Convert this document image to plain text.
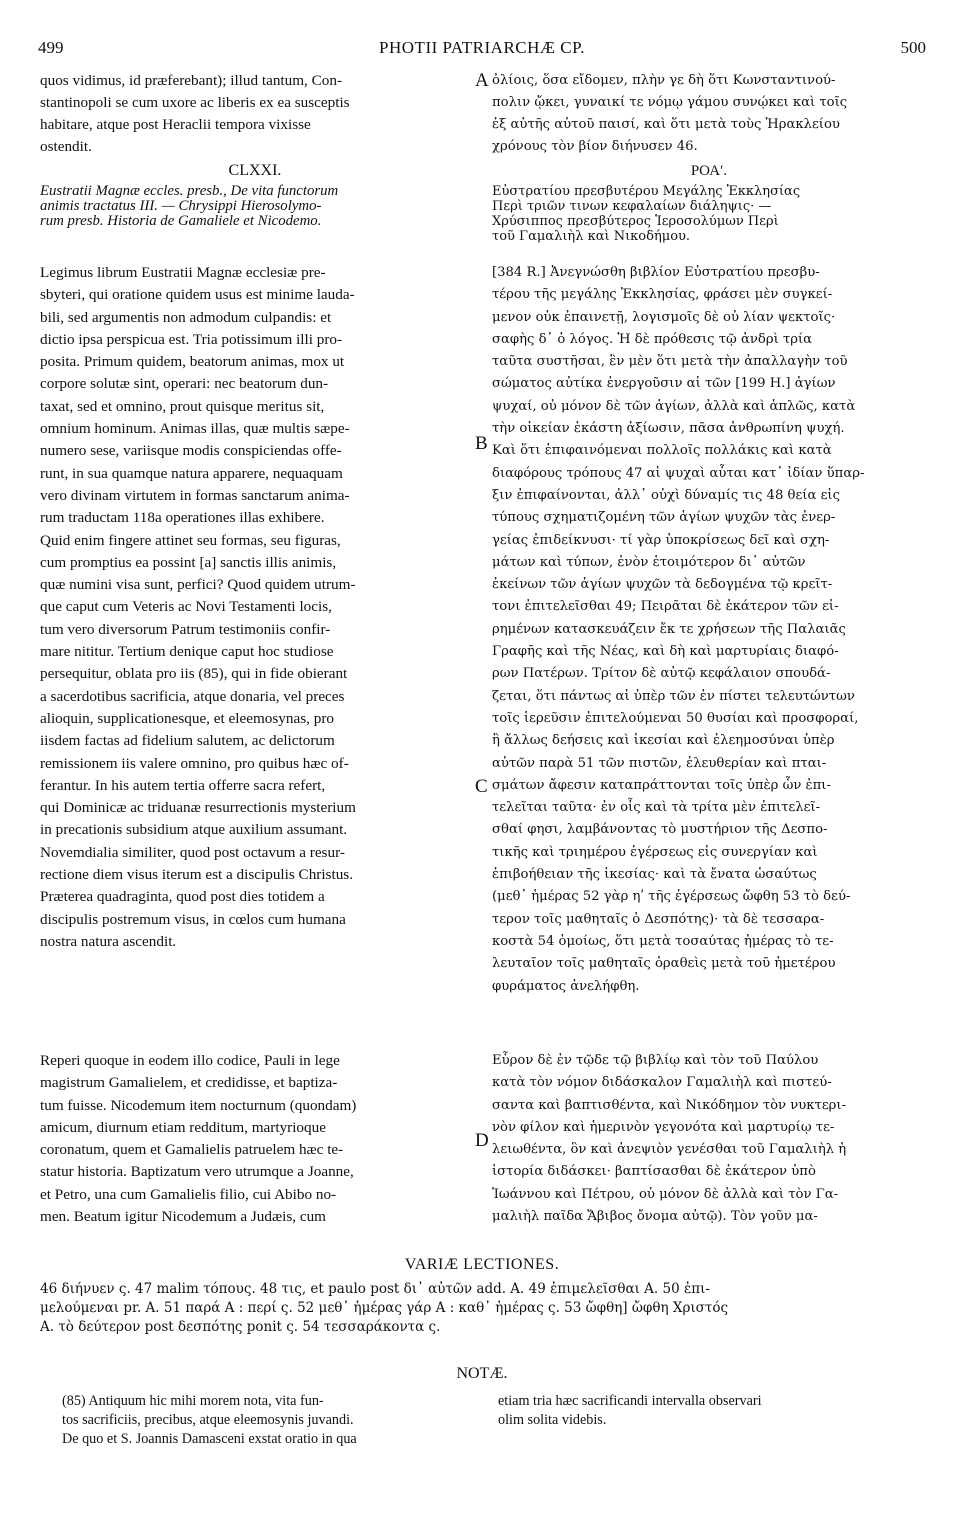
499	PHOTII PATRIARCHÆ CP.	500
A
B
C
D
quos vidimus, id præferebant); illud tantum, Con-
stantinopoli se cum uxore ac liberis ex ea susceptis
habitare, atque post Heraclii tempora vixisse
ostendit.
CLXXI.
Eustratii Magnæ eccles. presb., De vita functorum
animis tractatus III. — Chrysippi Hierosolymo-
rum presb. Historia de Gamaliele et Nicodemo.
Legimus librum Eustratii Magnæ ecclesiæ pre-
sbyteri, qui oratione quidem usus est minime lauda-
bili, sed argumentis non admodum culpandis: et
dictio ipsa perspicua est. Tria potissimum illi pro-
posita. Primum quidem, beatorum animas, mox ut
corpore solutæ sint, operari: nec beatorum dun-
taxat, sed et omnino, prout quisque meritus sit,
omnium hominum. Animas illas, quæ multis sæpe-
numero sese, variisque modis conspiciendas offe-
runt, in sua quamque natura apparere, nequaquam
vero divinam virtutem in formas sanctarum anima-
rum traductam 118a operationes illas exhibere.
Quid enim fingere attinet seu formas, seu figuras,
cum promptius ea possint [a] sanctis illis animis,
quæ numini visa sunt, perfici? Quod quidem utrum-
que caput cum Veteris ac Novi Testamenti locis,
tum vero diversorum Patrum testimoniis confir-
mare nititur. Tertium denique caput hoc studiose
persequitur, oblata pro iis (85), qui in fide obierant
a sacerdotibus sacrificia, atque donaria, vel preces
alioquin, supplicationesque, et eleemosynas, pro
iisdem factas ad fidelium salutem, ac delictorum
remissionem iis valere omnino, pro quibus hæc of-
ferantur. In his autem tertia offerre sacra refert,
qui Dominicæ ac triduanæ resurrectionis mysterium
in precationis subsidium atque auxilium assumant.
Novemdialia similiter, quod post octavum a resur-
rectione diem visus iterum est a discipulis Christus.
Præterea quadraginta, quod post dies totidem a
discipulis postremum visus, in cœlos cum humana
nostra natura ascendit.
Reperi quoque in eodem illo codice, Pauli in lege
magistrum Gamalielem, et credidisse, et baptiza-
tum fuisse. Nicodemum item nocturnum (quondam)
amicum, diurnum etiam redditum, martyrioque
coronatum, quem et Gamalielis patruelem hæc te-
statur historia. Baptizatum vero utrumque a Joanne,
et Petro, una cum Gamalielis filio, cui Abibo no-
men. Beatum igitur Nicodemum a Judæis, cum
ὀλίοις, ὅσα εἴδομεν, πλὴν γε δὴ ὅτι Κωνσταντινού-
πολιν ᾤκει, γυναικί τε νόμῳ γάμου συνῴκει καὶ τοῖς
ἐξ αὐτῆς αὐτοῦ παισί, καὶ ὅτι μετὰ τοὺς Ἡρακλείου
χρόνους τὸν βίον διήνυσεν 46.
ΡΟΑʹ.
Εὐστρατίου πρεσβυτέρου Μεγάλης Ἐκκλησίας
Περὶ τριῶν τινων κεφαλαίων διάληψις· —
Χρύσιππος πρεσβύτερος Ἱεροσολύμων Περὶ
τοῦ Γαμαλιὴλ καὶ Νικοδήμου.
[384 R.] Ἀνεγνώσθη βιβλίον Εὐστρατίου πρεσβυ-
τέρου τῆς μεγάλης Ἐκκλησίας, φράσει μὲν συγκεί-
μενον οὐκ ἐπαινετῇ, λογισμοῖς δὲ οὐ λίαν ψεκτοῖς·
σαφὴς δ᾽ ὁ λόγος. Ἡ δὲ πρόθεσις τῷ ἀνδρὶ τρία
ταῦτα συστῆσαι, ἓν μὲν ὅτι μετὰ τὴν ἀπαλλαγὴν τοῦ
σώματος αὐτίκα ἐνεργοῦσιν αἱ τῶν [199 H.] ἁγίων
ψυχαί, οὐ μόνον δὲ τῶν ἁγίων, ἀλλὰ καὶ ἁπλῶς, κατὰ
τὴν οἰκείαν ἑκάστη ἀξίωσιν, πᾶσα ἀνθρωπίνη ψυχή.
Καὶ ὅτι ἐπιφαινόμεναι πολλοῖς πολλάκις καὶ κατὰ
διαφόρους τρόπους 47 αἱ ψυχαὶ αὗται κατ᾽ ἰδίαν ὕπαρ-
ξιν ἐπιφαίνονται, ἀλλ᾽ οὐχὶ δύναμίς τις 48 θεία εἰς
τύπους σχηματιζομένη τῶν ἁγίων ψυχῶν τὰς ἐνερ-
γείας ἐπιδείκνυσι· τί γὰρ ὑποκρίσεως δεῖ καὶ σχη-
μάτων καὶ τύπων, ἐνὸν ἑτοιμότερον δι᾽ αὐτῶν
ἐκείνων τῶν ἁγίων ψυχῶν τὰ δεδογμένα τῷ κρεῖτ-
τονι ἐπιτελεῖσθαι 49; Πειρᾶται δὲ ἑκάτερον τῶν εἰ-
ρημένων κατασκευάζειν ἔκ τε χρήσεων τῆς Παλαιᾶς
Γραφῆς καὶ τῆς Νέας, καὶ δὴ καὶ μαρτυρίαις διαφό-
ρων Πατέρων. Τρίτον δὲ αὐτῷ κεφάλαιον σπουδά-
ζεται, ὅτι πάντως αἱ ὑπὲρ τῶν ἐν πίστει τελευτώντων
τοῖς ἱερεῦσιν ἐπιτελούμεναι 50 θυσίαι καὶ προσφοραί,
ἢ ἄλλως δεήσεις καὶ ἱκεσίαι καὶ ἐλεημοσύναι ὑπὲρ
αὐτῶν παρὰ 51 τῶν πιστῶν, ἐλευθερίαν καὶ πται-
σμάτων ἄφεσιν καταπράττονται τοῖς ὑπὲρ ὧν ἐπι-
τελεῖται ταῦτα· ἐν οἷς καὶ τὰ τρίτα μὲν ἐπιτελεῖ-
σθαί φησι, λαμβάνοντας τὸ μυστήριον τῆς Δεσπο-
τικῆς καὶ τριημέρου ἐγέρσεως εἰς συνεργίαν καὶ
ἐπιβοήθειαν τῆς ἱκεσίας· καὶ τὰ ἔνατα ὡσαύτως
(μεθ᾽ ἡμέρας 52 γὰρ ηʹ τῆς ἐγέρσεως ὤφθη 53 τὸ δεύ-
τερον τοῖς μαθηταῖς ὁ Δεσπότης)· τὰ δὲ τεσσαρα-
κοστὰ 54 ὁμοίως, ὅτι μετὰ τοσαύτας ἡμέρας τὸ τε-
λευταῖον τοῖς μαθηταῖς ὁραθεὶς μετὰ τοῦ ἡμετέρου
φυράματος ἀνελήφθη.
Εὗρον δὲ ἐν τῷδε τῷ βιβλίῳ καὶ τὸν τοῦ Παύλου
κατὰ τὸν νόμον διδάσκαλον Γαμαλιὴλ καὶ πιστεύ-
σαντα καὶ βαπτισθέντα, καὶ Νικόδημον τὸν νυκτερι-
νὸν φίλον καὶ ἡμερινὸν γεγονότα καὶ μαρτυρίῳ τε-
λειωθέντα, ὃν καὶ ἀνεψιὸν γενέσθαι τοῦ Γαμαλιὴλ ἡ
ἱστορία διδάσκει· βαπτίσασθαι δὲ ἑκάτερον ὑπὸ
Ἰωάννου καὶ Πέτρου, οὐ μόνον δὲ ἀλλὰ καὶ τὸν Γα-
μαλιὴλ παῖδα Ἄβιβος ὄνομα αὐτῷ). Τὸν γοῦν μα-
VARIÆ LECTIONES.
46 διήνυεν ς. 47 malim τόπους. 48 τις, et paulo post δι᾽ αὐτῶν add. A. 49 ἐπιμελεῖσθαι A. 50 ἐπι-
μελούμεναι pr. A. 51 παρά A : περί ς. 52 μεθ᾽ ἡμέρας γάρ A : καθ᾽ ἡμέρας ς. 53 ὤφθη] ὤφθη Χριστός
A. τὸ δεύτερον post δεσπότης ponit ς. 54 τεσσαράκοντα ς.
NOTÆ.
(85) Antiquum hic mihi morem nota, vita fun-
tos sacrificiis, precibus, atque eleemosynis juvandi.
De quo et S. Joannis Damasceni exstat oratio in qua
etiam tria hæc sacrificandi intervalla observari
olim solita videbis.
